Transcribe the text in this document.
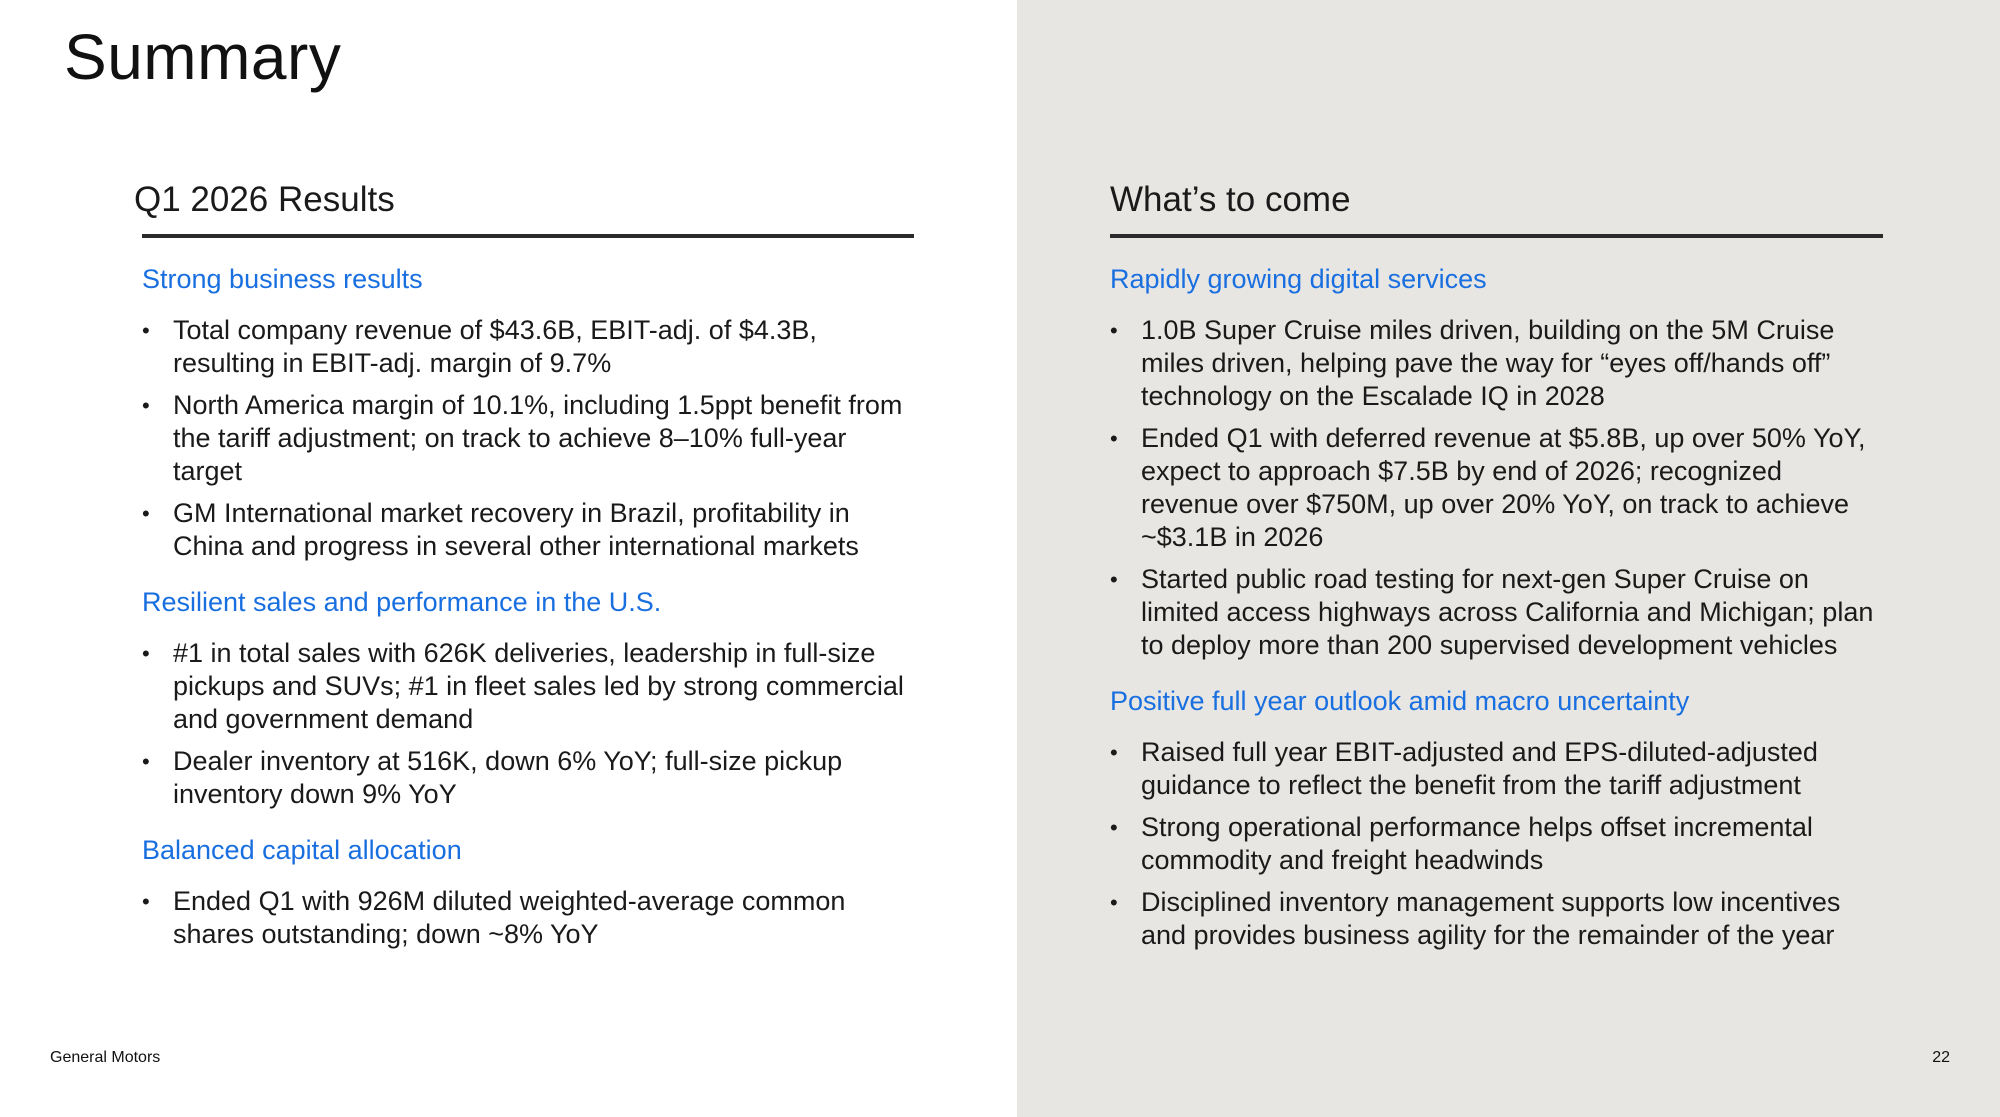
Summary
Q1 2026 Results
Strong business results
• Total company revenue of $43.6B, EBIT-adj. of $4.3B, resulting in EBIT-adj. margin of 9.7%
• North America margin of 10.1%, including 1.5ppt benefit from the tariff adjustment; on track to achieve 8–10% full-year target
• GM International market recovery in Brazil, profitability in China and progress in several other international markets
Resilient sales and performance in the U.S.
• #1 in total sales with 626K deliveries, leadership in full-size pickups and SUVs; #1 in fleet sales led by strong commercial and government demand
• Dealer inventory at 516K, down 6% YoY; full-size pickup inventory down 9% YoY
Balanced capital allocation
• Ended Q1 with 926M diluted weighted-average common shares outstanding; down ~8% YoY
What’s to come
Rapidly growing digital services
• 1.0B Super Cruise miles driven, building on the 5M Cruise miles driven, helping pave the way for “eyes off/hands off” technology on the Escalade IQ in 2028
• Ended Q1 with deferred revenue at $5.8B, up over 50% YoY, expect to approach $7.5B by end of 2026; recognized revenue over $750M, up over 20% YoY, on track to achieve ~$3.1B in 2026
• Started public road testing for next-gen Super Cruise on limited access highways across California and Michigan; plan to deploy more than 200 supervised development vehicles
Positive full year outlook amid macro uncertainty
• Raised full year EBIT-adjusted and EPS-diluted-adjusted guidance to reflect the benefit from the tariff adjustment
• Strong operational performance helps offset incremental commodity and freight headwinds
• Disciplined inventory management supports low incentives and provides business agility for the remainder of the year
General Motors	22
